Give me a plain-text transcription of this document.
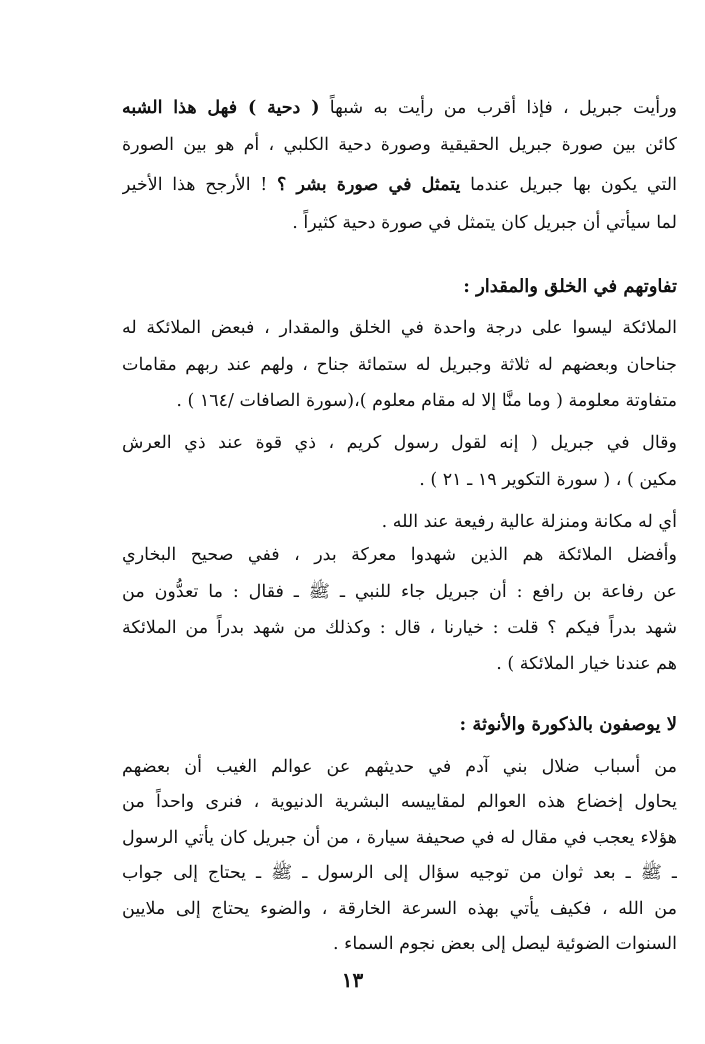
ورأيت جبريل ، فإذا أقرب من رأيت به شبهاً ( دحية ) فهل هذا الشبه
كائن بين صورة جبريل الحقيقية وصورة دحية الكلبي ، أم هو بين الصورة
التي يكون بها جبريل عندما يتمثل في صورة بشر ؟ ! الأرجح هذا الأخير
لما سيأتي أن جبريل كان يتمثل في صورة دحية كثيراً .
تفاوتهم في الخلق والمقدار :
الملائكة ليسوا على درجة واحدة في الخلق والمقدار ، فبعض الملائكة له
جناحان وبعضهم له ثلاثة وجبريل له ستمائة جناح ، ولهم عند ربهم مقامات
متفاوتة معلومة ( وما منَّا إلا له مقام معلوم )،(سورة الصافات /١٦٤ ) .
وقال في جبريل ( إنه لقول رسول كريم ، ذي قوة عند ذي العرش
مكين ) ، ( سورة التكوير ١٩ ـ ٢١ ) .
أي له مكانة ومنزلة عالية رفيعة عند الله .
وأفضل الملائكة هم الذين شهدوا معركة بدر ، ففي صحيح البخاري
عن رفاعة بن رافع : أن جبريل جاء للنبي ـ ﷺ ـ فقال : ما تعدُّون من
شهد بدراً فيكم ؟ قلت : خيارنا ، قال : وكذلك من شهد بدراً من الملائكة
هم عندنا خيار الملائكة ) .
لا يوصفون بالذكورة والأنوثة :
من أسباب ضلال بني آدم في حديثهم عن عوالم الغيب أن بعضهم
يحاول إخضاع هذه العوالم لمقاييسه البشرية الدنيوية ، فنرى واحداً من
هؤلاء يعجب في مقال له في صحيفة سيارة ، من أن جبريل كان يأتي الرسول
ـ ﷺ ـ بعد ثوان من توجيه سؤال إلى الرسول ـ ﷺ ـ يحتاج إلى جواب
من الله ، فكيف يأتي بهذه السرعة الخارقة ، والضوء يحتاج إلى ملايين
السنوات الضوئية ليصل إلى بعض نجوم السماء .
١٣
